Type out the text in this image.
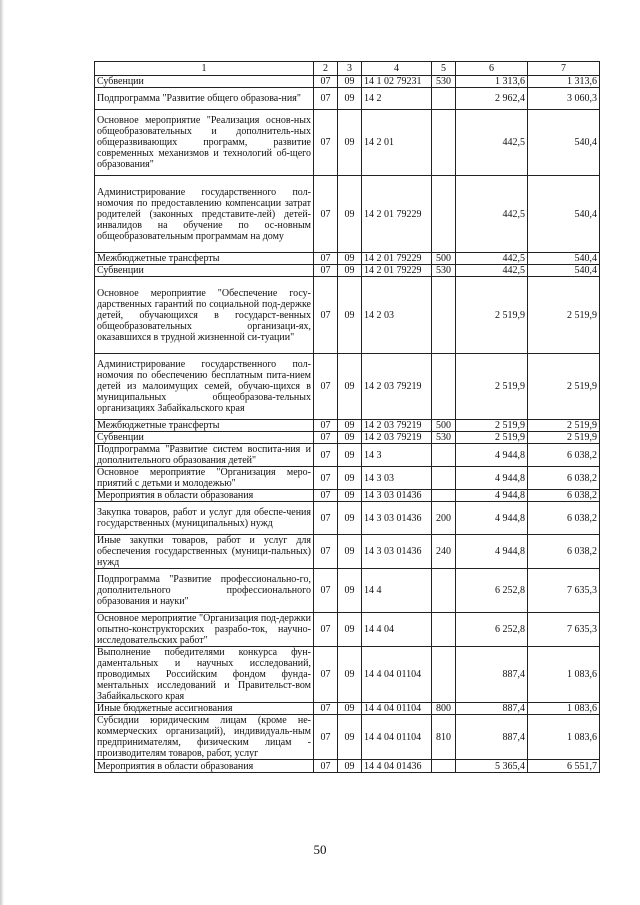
1	2	3	4	5	6	7
Субвенции	07	09	14 1 02 79231	530	1 313,6	1 313,6
Подпрограмма "Развитие общего образова-ния"	07	09	14 2		2 962,4	3 060,3
Основное мероприятие "Реализация основ-ных общеобразовательных и дополнитель-ных общеразвивающих программ, развитие современных механизмов и технологий об-щего образования"	07	09	14 2 01		442,5	540,4
Администрирование государственного пол-номочия по предоставлению компенсации затрат родителей (законных представите-лей) детей-инвалидов на обучение по ос-новным общеобразовательным программам на дому	07	09	14 2 01 79229		442,5	540,4
Межбюджетные трансферты	07	09	14 2 01 79229	500	442,5	540,4
Субвенции	07	09	14 2 01 79229	530	442,5	540,4
Основное мероприятие "Обеспечение госу-дарственных гарантий по социальной под-держке детей, обучающихся в государст-венных общеобразовательных организаци-ях, оказавшихся в трудной жизненной си-туации"	07	09	14 2 03		2 519,9	2 519,9
Администрирование государственного пол-номочия по обеспечению бесплатным пита-нием детей из малоимущих семей, обучаю-щихся в муниципальных общеобразова-тельных организациях Забайкальского края	07	09	14 2 03 79219		2 519,9	2 519,9
Межбюджетные трансферты	07	09	14 2 03 79219	500	2 519,9	2 519,9
Субвенции	07	09	14 2 03 79219	530	2 519,9	2 519,9
Подпрограмма "Развитие систем воспита-ния и дополнительного образования детей"	07	09	14 3		4 944,8	6 038,2
Основное мероприятие "Организация меро-приятий с детьми и молодежью"	07	09	14 3 03		4 944,8	6 038,2
Мероприятия в области образования	07	09	14 3 03 01436		4 944,8	6 038,2
Закупка товаров, работ и услуг для обеспе-чения государственных (муниципальных) нужд	07	09	14 3 03 01436	200	4 944,8	6 038,2
Иные закупки товаров, работ и услуг для обеспечения государственных (муници-пальных) нужд	07	09	14 3 03 01436	240	4 944,8	6 038,2
Подпрограмма "Развитие профессионально-го, дополнительного профессионального образования и науки"	07	09	14 4		6 252,8	7 635,3
Основное мероприятие "Организация под-держки опытно-конструкторских разрабо-ток, научно-исследовательских работ"	07	09	14 4 04		6 252,8	7 635,3
Выполнение победителями конкурса фун-даментальных и научных исследований, проводимых Российским фондом фунда-ментальных исследований и Правительст-вом Забайкальского края	07	09	14 4 04 01104		887,4	1 083,6
Иные бюджетные ассигнования	07	09	14 4 04 01104	800	887,4	1 083,6
Субсидии юридическим лицам (кроме не-коммерческих организаций), индивидуаль-ным предпринимателям, физическим лицам - производителям товаров, работ, услуг	07	09	14 4 04 01104	810	887,4	1 083,6
Мероприятия в области образования	07	09	14 4 04 01436		5 365,4	6 551,7
50
